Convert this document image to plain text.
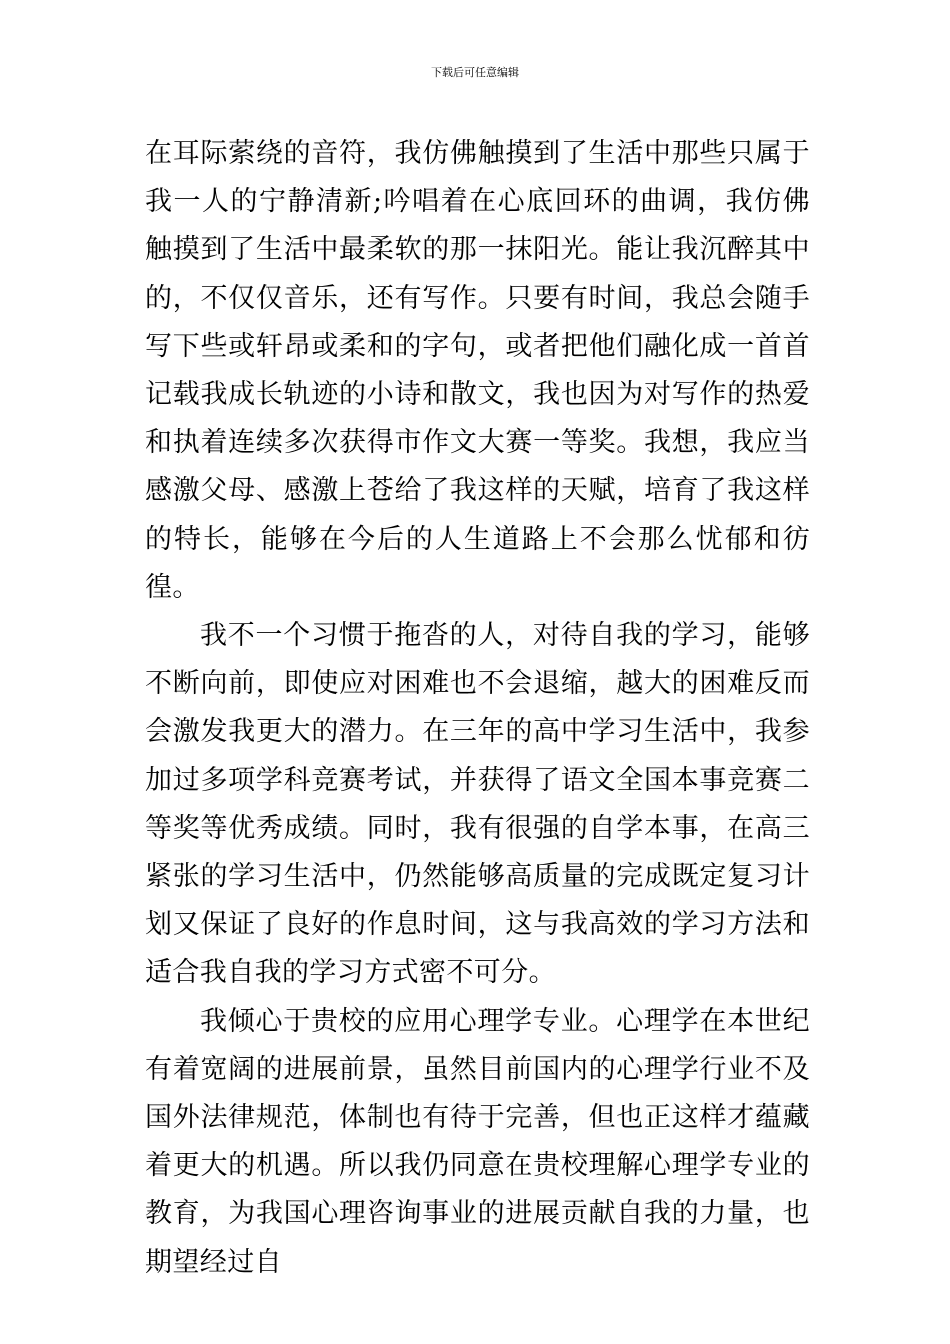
下载后可任意编辑

在耳际萦绕的音符，我仿佛触摸到了生活中那些只属于我一人的宁静清新;吟唱着在心底回环的曲调，我仿佛触摸到了生活中最柔软的那一抹阳光。能让我沉醉其中的，不仅仅音乐，还有写作。只要有时间，我总会随手写下些或轩昂或柔和的字句，或者把他们融化成一首首记载我成长轨迹的小诗和散文，我也因为对写作的热爱和执着连续多次获得市作文大赛一等奖。我想，我应当感激父母、感激上苍给了我这样的天赋，培育了我这样的特长，能够在今后的人生道路上不会那么忧郁和彷徨。

我不一个习惯于拖沓的人，对待自我的学习，能够不断向前，即使应对困难也不会退缩，越大的困难反而会激发我更大的潜力。在三年的高中学习生活中，我参加过多项学科竞赛考试，并获得了语文全国本事竞赛二等奖等优秀成绩。同时，我有很强的自学本事，在高三紧张的学习生活中，仍然能够高质量的完成既定复习计划又保证了良好的作息时间，这与我高效的学习方法和适合我自我的学习方式密不可分。

我倾心于贵校的应用心理学专业。心理学在本世纪有着宽阔的进展前景，虽然目前国内的心理学行业不及国外法律规范，体制也有待于完善，但也正这样才蕴藏着更大的机遇。所以我仍同意在贵校理解心理学专业的教育，为我国心理咨询事业的进展贡献自我的力量，也期望经过自
